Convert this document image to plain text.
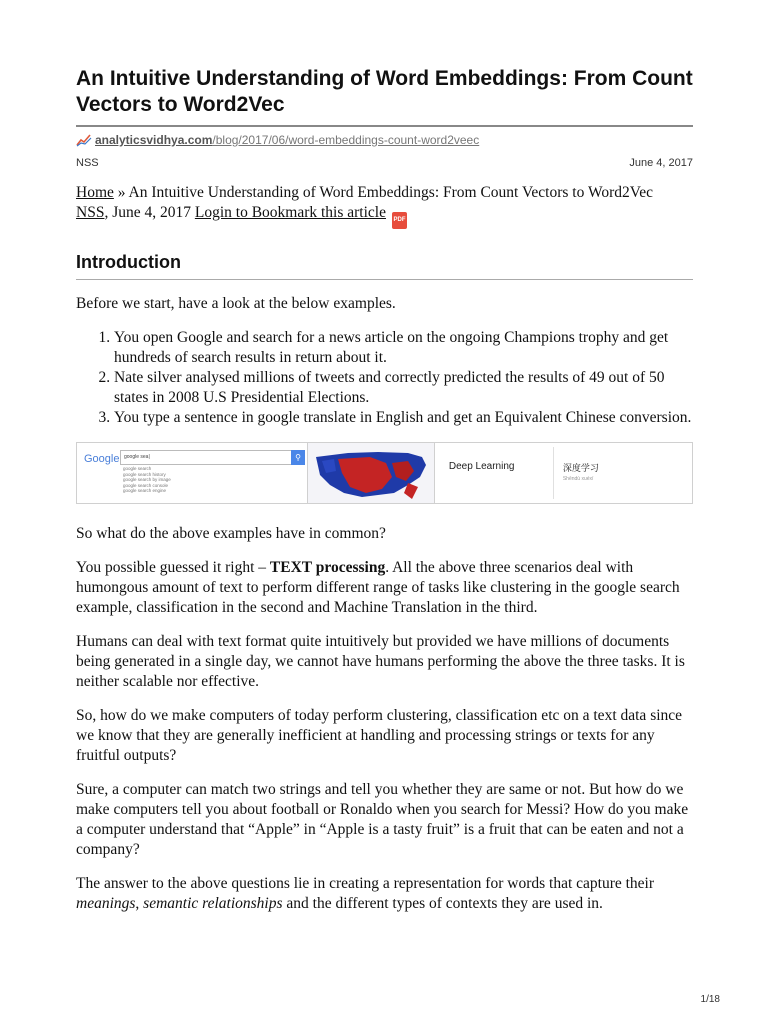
An Intuitive Understanding of Word Embeddings: From Count Vectors to Word2Vec
analyticsvidhya.com /blog/2017/06/word-embeddings-count-word2veec
NSS	June 4, 2017
Home » An Intuitive Understanding of Word Embeddings: From Count Vectors to Word2Vec
NSS, June 4, 2017 Login to Bookmark this article PDF
Introduction

Before we start, have a look at the below examples.

1. You open Google and search for a news article on the ongoing Champions trophy and get hundreds of search results in return about it.
2. Nate silver analysed millions of tweets and correctly predicted the results of 49 out of 50 states in 2008 U.S Presidential Elections.
3. You type a sentence in google translate in English and get an Equivalent Chinese conversion.
Google google sea|	⚲
google search
google search history
google search by image
google search console
google search engine
Deep Learning	深度学习
Shēndù xuéxí

So what do the above examples have in common?

You possible guessed it right – TEXT processing. All the above three scenarios deal with humongous amount of text to perform different range of tasks like clustering in the google search example, classification in the second and Machine Translation in the third.

Humans can deal with text format quite intuitively but provided we have millions of documents being generated in a single day, we cannot have humans performing the above the three tasks. It is neither scalable nor effective.

So, how do we make computers of today perform clustering, classification etc on a text data since we know that they are generally inefficient at handling and processing strings or texts for any fruitful outputs?

Sure, a computer can match two strings and tell you whether they are same or not. But how do we make computers tell you about football or Ronaldo when you search for Messi? How do you make a computer understand that “Apple” in “Apple is a tasty fruit” is a fruit that can be eaten and not a company?

The answer to the above questions lie in creating a representation for words that capture their meanings, semantic relationships and the different types of contexts they are used in.

1/18
